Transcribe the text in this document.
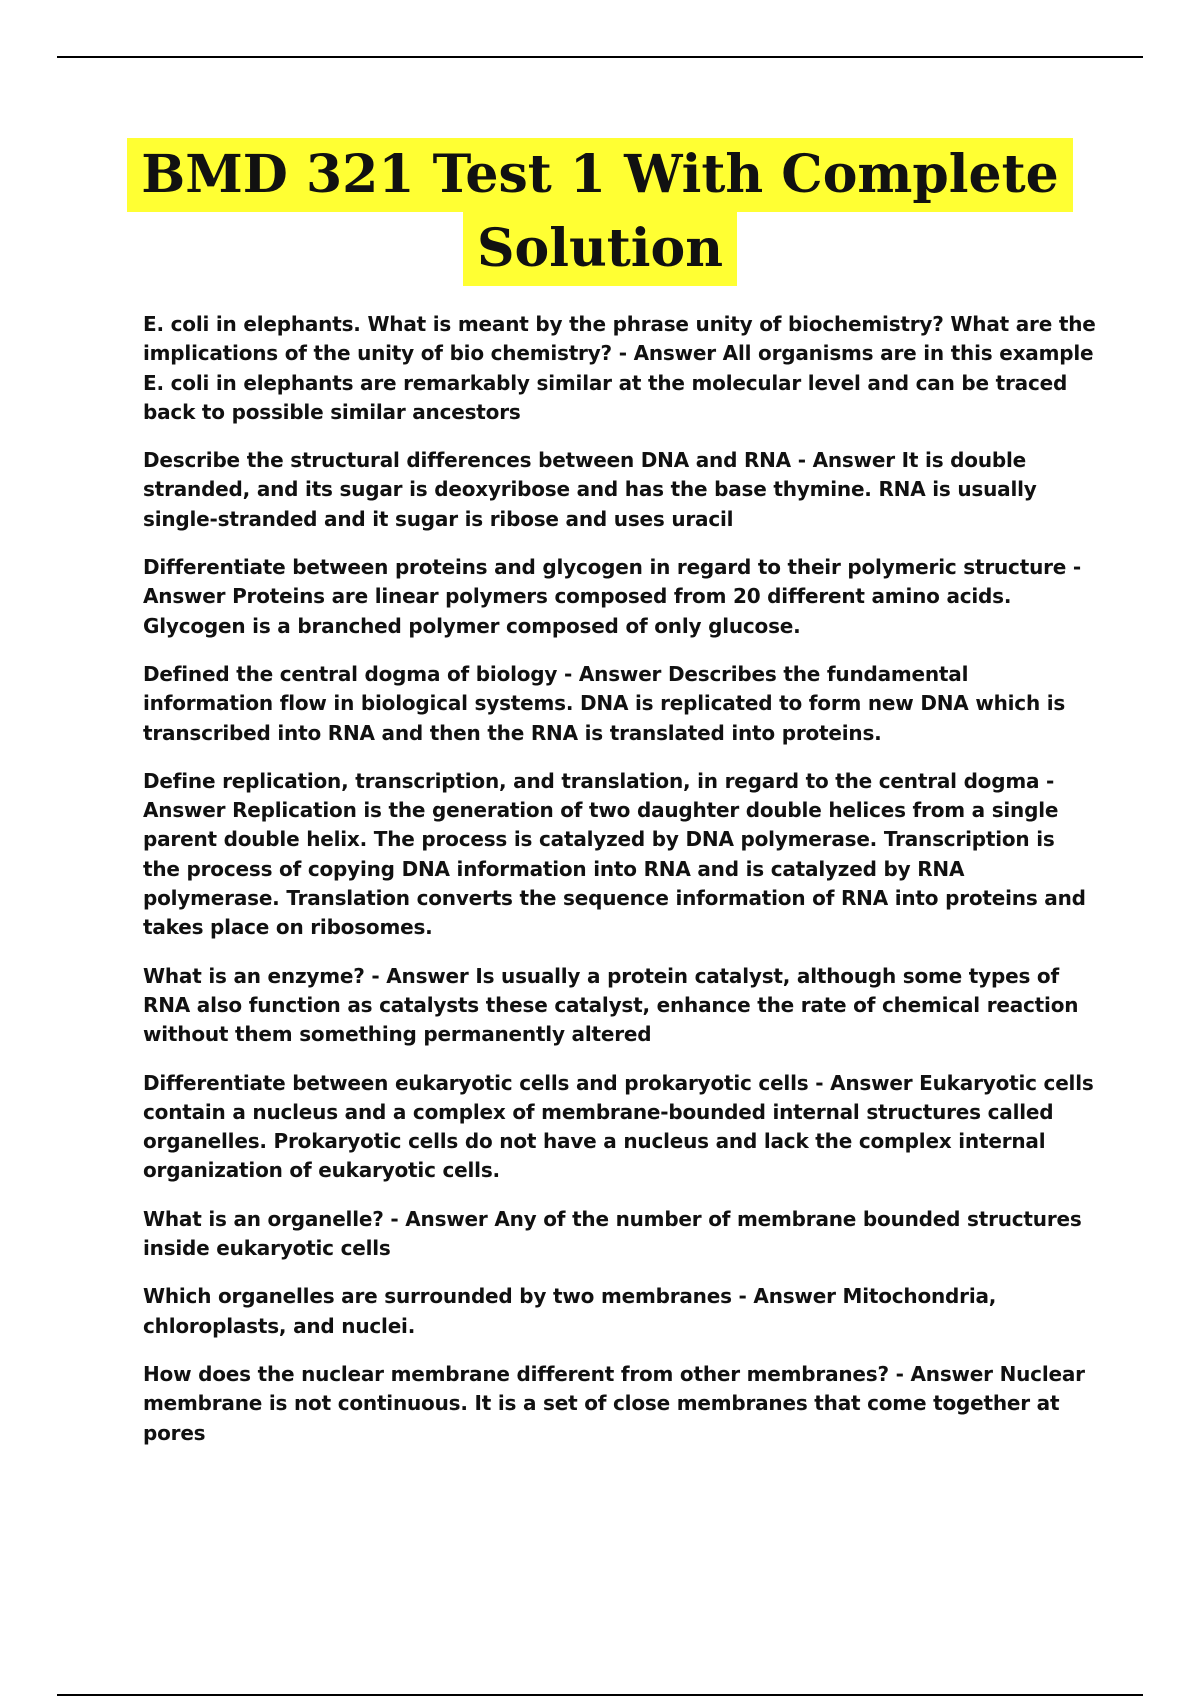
BMD 321 Test 1 With Complete
Solution

E. coli in elephants. What is meant by the phrase unity of biochemistry? What are the implications of the unity of bio chemistry? - Answer All organisms are in this example E. coli in elephants are remarkably similar at the molecular level and can be traced back to possible similar ancestors

Describe the structural differences between DNA and RNA - Answer It is double stranded, and its sugar is deoxyribose and has the base thymine. RNA is usually single-stranded and it sugar is ribose and uses uracil

Differentiate between proteins and glycogen in regard to their polymeric structure - Answer Proteins are linear polymers composed from 20 different amino acids. Glycogen is a branched polymer composed of only glucose.

Defined the central dogma of biology - Answer Describes the fundamental information flow in biological systems. DNA is replicated to form new DNA which is transcribed into RNA and then the RNA is translated into proteins.

Define replication, transcription, and translation, in regard to the central dogma - Answer Replication is the generation of two daughter double helices from a single parent double helix. The process is catalyzed by DNA polymerase. Transcription is the process of copying DNA information into RNA and is catalyzed by RNA polymerase. Translation converts the sequence information of RNA into proteins and takes place on ribosomes.

What is an enzyme? - Answer Is usually a protein catalyst, although some types of RNA also function as catalysts these catalyst, enhance the rate of chemical reaction without them something permanently altered

Differentiate between eukaryotic cells and prokaryotic cells - Answer Eukaryotic cells contain a nucleus and a complex of membrane-bounded internal structures called organelles. Prokaryotic cells do not have a nucleus and lack the complex internal organization of eukaryotic cells.

What is an organelle? - Answer Any of the number of membrane bounded structures inside eukaryotic cells

Which organelles are surrounded by two membranes - Answer Mitochondria, chloroplasts, and nuclei.

How does the nuclear membrane different from other membranes? - Answer Nuclear membrane is not continuous. It is a set of close membranes that come together at pores
